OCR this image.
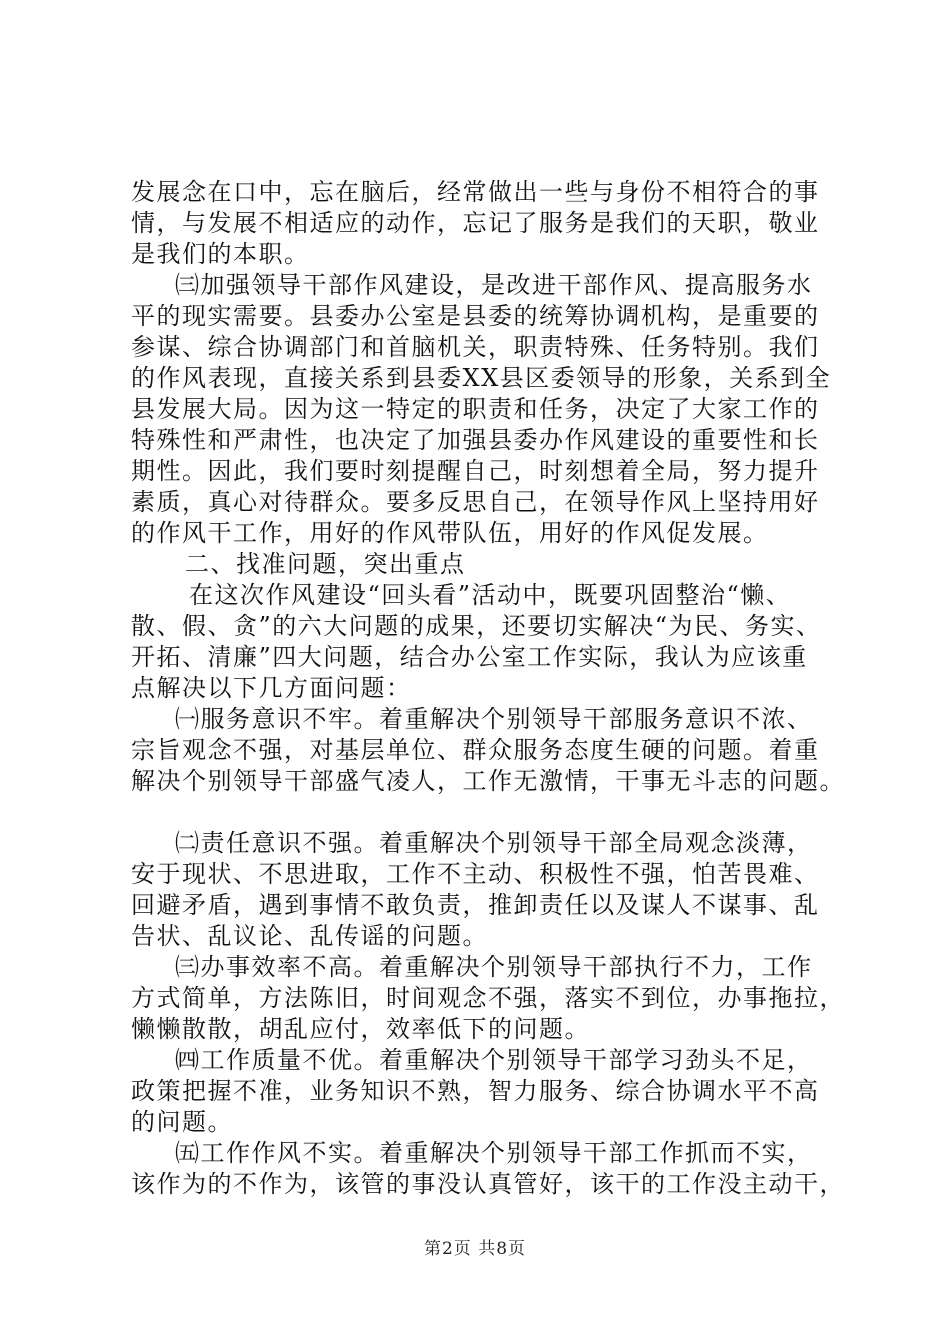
发展念在口中，忘在脑后，经常做出一些与身份不相符合的事
情，与发展不相适应的动作，忘记了服务是我们的天职，敬业
是我们的本职。
㈢加强领导干部作风建设，是改进干部作风、提高服务水
平的现实需要。县委办公室是县委的统筹协调机构，是重要的
参谋、综合协调部门和首脑机关，职责特殊、任务特别。我们
的作风表现，直接关系到县委XX县区委领导的形象，关系到全
县发展大局。因为这一特定的职责和任务，决定了大家工作的
特殊性和严肃性，也决定了加强县委办作风建设的重要性和长
期性。因此，我们要时刻提醒自己，时刻想着全局，努力提升
素质，真心对待群众。要多反思自己，在领导作风上坚持用好
的作风干工作，用好的作风带队伍，用好的作风促发展。
二、找准问题，突出重点
在这次作风建设“回头看”活动中，既要巩固整治“懒、
散、假、贪”的六大问题的成果，还要切实解决“为民、务实、
开拓、清廉”四大问题，结合办公室工作实际，我认为应该重
点解决以下几方面问题：
㈠服务意识不牢。着重解决个别领导干部服务意识不浓、
宗旨观念不强，对基层单位、群众服务态度生硬的问题。着重
解决个别领导干部盛气凌人，工作无激情，干事无斗志的问题。
㈡责任意识不强。着重解决个别领导干部全局观念淡薄，
安于现状、不思进取，工作不主动、积极性不强，怕苦畏难、
回避矛盾，遇到事情不敢负责，推卸责任以及谋人不谋事、乱
告状、乱议论、乱传谣的问题。
㈢办事效率不高。着重解决个别领导干部执行不力，工作
方式简单，方法陈旧，时间观念不强，落实不到位，办事拖拉，
懒懒散散，胡乱应付，效率低下的问题。
㈣工作质量不优。着重解决个别领导干部学习劲头不足，
政策把握不准，业务知识不熟，智力服务、综合协调水平不高
的问题。
㈤工作作风不实。着重解决个别领导干部工作抓而不实，
该作为的不作为，该管的事没认真管好，该干的工作没主动干，
第2页 共8页
